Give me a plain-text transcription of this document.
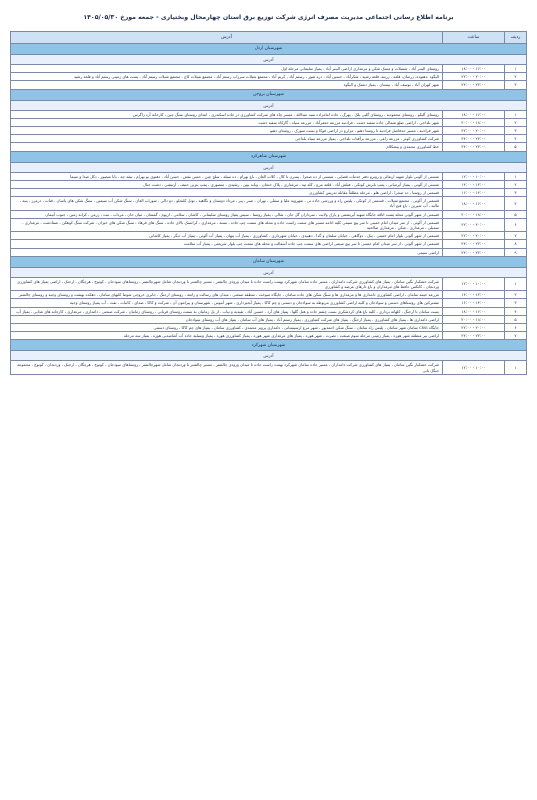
برنامه اطلاع رسانی اجتماعی مدیریت مصرف انرژی شرکت توزیع برق استان چهارمحال وبختیاری - جمعه مورخ ۱۴۰۵/۰۵/۳۰
ردیف	ساعت	آدرس
شهرستان اردل		
آدرس		
۱	۱۶:۰۰ - ۱۸:۰۰	روستای الینبر آباد ، شمیلات و مسک شکن و مرغداری اراضی الینبر آباد - پمپاژ سلیمانی مرحله اول
۲	۲۰:۰۰ - ۲۲:۰۰	الیگود ،دهنوده، زرمنان، قلعه ، زرنیه، قلعه رشید ، شکرآباد ، حسین آباد ، دره شور ، رستم آباد ، کریم آباد ، مجتمع شیلات سرزاب رستم آباد ، مجتمع شیلات کاج ، مجتمع شیلات رستم آباد - پست های زمینی رستم آباد و قلعه رشید
۳	۲۲:۰۰ - ۲۴:۰۰	شهر کهران آباد ، بوسف آباد ، بیستان ، پمپاژ دشتک و الیگود
شهرستان بروجن		
آدرس		
۱	۱۶:۰۰ - ۱۸:۰۰	روستای آلیکو ، روستای محمودیه ، روستای گلبی بلک - بهرگ ، جاده امامزاده سید عبدالله - مسیر چاه های شرکت کشاورزی در جاده اسکندری ، ابتدای روستای سنگ چین ، کارخانه آرد زاگرس
۲	۱۸:۰۰ - ۲۰:۰۰	شهر بلداجی ، اراضی ضلع شمالی جاده سفید دشت ، فرادنبه مزرعه جعفرآباد - مزرعه سیاه ، گارکاه سفید دشت
۳	۲۰:۰۰ - ۲۲:۰۰	شهر فرادنبه ، مسیر حدفاصل فرادنبه تا روستا دهنو ، مزارع در اراضی فوکا و بست سورک ، روستای دهنو
۴	۲۲:۰۰ - ۲۴:۰۰	شرکت کشاورزی کوثر ، مزرعه زاغی ، مزرعه برآفتاب بلداجی ، پمپاژ مزرعه سیاه بلداجی
۵	۲۲:۰۰ - ۲۴:۰۰	خط کشاورزی محمدی و پیشکلام
شهرستان شاهرکرد		
آدرس		
۱	۱۰:۰۰ - ۱۲:۰۰	شستی از آلونی بلوار شهید اربعائی و روبرو دفتر خدمات قضایی ، شستی از ده صحرا ، پسرن تا کال ، کلات الغان ، باغ بهرام ، ده سیله ، سلح چین ، حسن نقش ، حسن آباد ، دهنوی بو بهرام ، تیقه چه ، بابا منصور ، دکل صدا و سیما
۲	۱۲:۰۰ - ۱۴:۰۰	شستی از آلونی ، پمپاژ آبرسانی ، پمپ بابرش کوتکی ، فیلش آباد ، قلعه مرغ ، کله تپه ، مرغداری ، پلاک خنجان ، وباید بپین ، رشیدی ، منصوری ، پمپ بنزین حنیف ، آرتیشی ، دشت جنال
۳	۱۴:۰۰ - ۱۶:۰۰	قسمتی از روستا ، ده صحرا ، اراضی هلو ، مرحله مطلقاً مقابله تدریس کشاورزی
۴	۱۶:۰۰ - ۱۸:۰۰	قسمتی از آلونی ، مجتمع شیلات ، قسمتی از کوتکی ، پلیس راه و ورزشی جاده نی ، شهرویه علیا و سفلی ، نهران ، صبر ، پیر ، مرداد دوستان و نگاهیه ، تونل کلنجلو ، دو دالی ، شوراب الغان ، سنگ شکن آب سیمین ، سنگ شکن های یاسان ، قنات ، درمرز ، پنبه ، مالیه ، آب شیرین ، باغ فتح آباد
۵	۱۸:۰۰ - ۲۰:۰۰	قسمتی از شهر آلونی محله پشت اتاقه جایگاه شهید آبریشمی و پارک ولایت ، سرداران گل جان ، شالی ، پمپاژ روستا ، سپس پمپاژ روستای سلیمانی ، کاشان ، سلامی ، اریوم ، گمشان ، میان خان ، مرداب ، تبت ، زرمن ، کرانه زمین ، جنوب آبیمان
۶	۲۰:۰۰ - ۲۲:۰۰	قسمتی از آلونی ، از سر میدان امام خمینی تا سر پیچ سیمی کلیه ادامه مسیر های سمت راست جاده و محله های سمت چپ جاده ، بسته ، مرغداری ، کرانسک بالای جاده ، سنگ های فرهاد ، سنگ شکن های خیزان ، شرکت سنگ کوهکن ، صفادشت ، مرغداری ، سمبلی ، مرغداری ، شکن ، مرغداری صالحیه
۷	۲۰:۰۰ - ۲۲:۰۰	قسمتی از شهر آلونی بلوار امام خمینی ، پتک ، دوگاهی ، خیابان سلمان و گدا ، دهبیدی ، خیابان شهرداری ، کشاورزی ، پمپاژ آب پنهان ، پمپاژ آب آلونی ، پمپاژ آب دیگر ، پمپاژ کاشانی
۸	۲۲:۰۰ - ۲۴:۰۰	قسمتی از شهر آلونی ، از سر میدان امام خمینی تا سر پیچ سیمی اراضی های سمت چپ جاده آسفالت و محله های سمت چپ بلوار شریعتی ، پمپاژ آب سلامت
۹	۲۲:۰۰ - ۲۴:۰۰	اراضی سیمی
شهرستان سامان		
آدرس		
۱	۱۰:۰۰ - ۱۲:۰۰	شرکت خشکبار نگین سامان ، پمپاژ های کشاورزی شرکت دامداران ، مسیر جاده سامان شهرکرد بهمت راست جاده تا میدان ورودی چالشتر ، مسیر چالشتر تا وردنجان شامل شهرچالشتر ، روستاهای سودجان ، کوتوچ ، هرچگان ، ارجنک ، اراضی پمپاژ های کشاورزی وردنجان ، کانکس حافظ های مرغداران و باغ دارهای عرضه و کشاورزی
۲	۱۲:۰۰ - ۱۴:۰۰	مزرعه خیمه سامان ، اراضی کشاورزی دامداری ها و مرغداری ها و سنگ شکن های جاده سامان ، جایگاه سوخت ، منطقه صنعتی ، میدان های رسالت و رابعه ، روستای ارجنگ ، جابری خروجی شوط کلیهای سامان ، دهکده بهشت و روستای وجیه و روستای چالشتر
۳	۱۴:۰۰ - ۱۶:۰۰	مشترکین های روستاهای دستنی و سوادجان و کلیه اراضی کشاورزی مربوطه به سوادجان و دستنی و چم کاکا ، پمپاژ آبخیزداری ، شهر آبنوس ، شهرستان و پیرامون آن ، شرکت و کاکا ، صدای ، کاتبات ، نفت ، آب پمپاژ روستای وجیه
۴	۱۶:۰۰ - ۱۸:۰۰	بست سامان تا ارجنگ ، کلهانه برداری ، کلیه باغ های کردشکری بست چشم جاده و هتل گلها ، پمپاژ های آرد ، حسین آباد ، تقیدیه و نیاب ، از پل زمانیان به سمت روستای قربانی ، روستای زمانیان ، شرکت صنعتی ، دامداری ، مرغداری ، کارخانه های غذایی ، پمپاژ آب
۵	۱۸:۰۰ - ۲۰:۰۰	اراضی دامداری ها ، پمپاژ های کشاورزی ، پمپاژ ارجنگ ، پمپاژ های شرکت کشاورزی ، پمپاژ رستم آباد ، پمپاژ های آب سامان ، پمپاژ های آب روستای سوادجان
۶	۲۰:۰۰ - ۲۲:۰۰	جایگاه CNG سامان شهر سامان ، پلیس راه سامان ، سنگ شکن احمدپور ، شهر مرغ ارسیستانی ، دامداری پرویز محمدی ، کشاورزی سامان ، پمپاژ های چم کاکا ، روستای دستنی
۷	۲۲:۰۰ - ۲۴:۰۰	اراضی بیر منطقه شهر هوره ، پمپاژ زمینی مرحله سوم صنعت ، نصرت ، شهر هوره ، پمپاژ های مرغداری شهر هوره ، پمپاژ کشاورزی هوره ، پمپاژ وسیلیه جاده آب آشامیدنی هوره ، پمپاژ سه مرحله
شهرستان شهرکرد		
آدرس		
۱	۱۰:۰۰ - ۱۲:۰۰	شرکت خشکبار نگین سامان ، پمپاژ های کشاورزی شرکت دامداران ، مسیر جاده سامان شهرکرد بهمت راست جاده تا میدان ورودی چالشتر ، مسیر چالشتر تا وردنجان شامل شهرچالشتر ، روستاهای سودجان ، کوتوچ ، هرچگان ، ارجنک ، وردنجان ، کوتوچ ، مجموعه جنگل بانی
